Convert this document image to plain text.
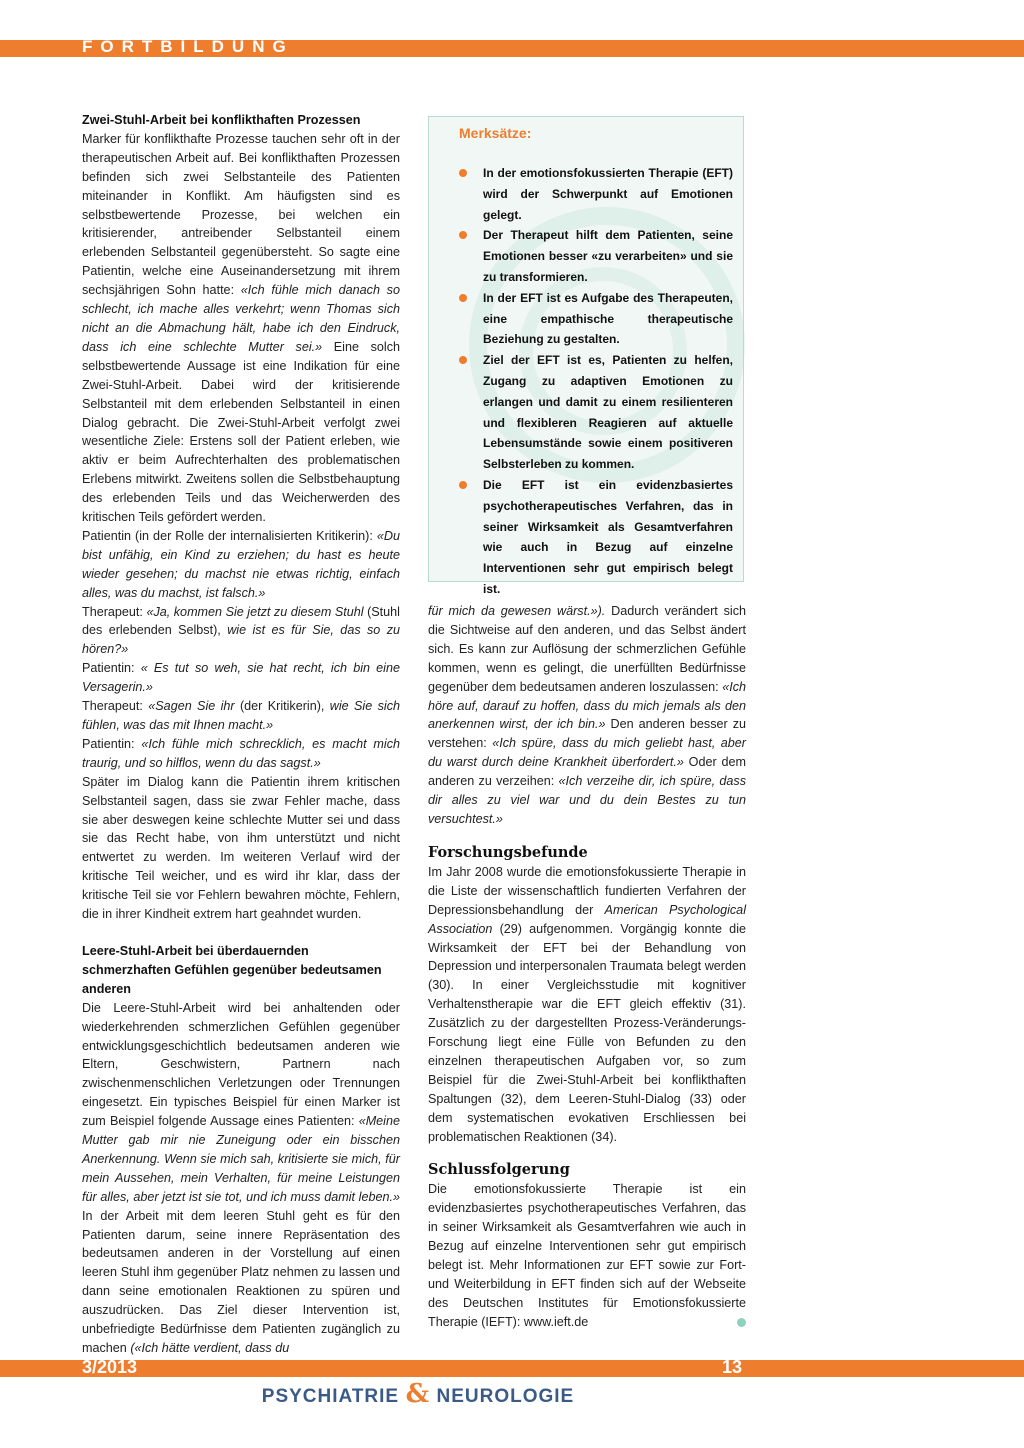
FORTBILDUNG

Zwei-Stuhl-Arbeit bei konflikthaften Prozessen

Marker für konflikthafte Prozesse tauchen sehr oft in der therapeutischen Arbeit auf. Bei konflikthaften Prozessen befinden sich zwei Selbstanteile des Patienten miteinander in Konflikt. Am häufigsten sind es selbstbewertende Prozesse, bei welchen ein kritisierender, antreibender Selbstanteil einem erlebenden Selbstanteil gegenübersteht. So sagte eine Patientin, welche eine Auseinandersetzung mit ihrem sechsjährigen Sohn hatte: «Ich fühle mich danach so schlecht, ich mache alles verkehrt; wenn Thomas sich nicht an die Abmachung hält, habe ich den Eindruck, dass ich eine schlechte Mutter sei.» Eine solch selbstbewertende Aussage ist eine Indikation für eine Zwei-Stuhl-Arbeit. Dabei wird der kritisierende Selbstanteil mit dem erlebenden Selbstanteil in einen Dialog gebracht. Die Zwei-Stuhl-Arbeit verfolgt zwei wesentliche Ziele: Erstens soll der Patient erleben, wie aktiv er beim Aufrechterhalten des problematischen Erlebens mitwirkt. Zweitens sollen die Selbstbehauptung des erlebenden Teils und das Weicherwerden des kritischen Teils gefördert werden.

Patientin (in der Rolle der internalisierten Kritikerin): «Du bist unfähig, ein Kind zu erziehen; du hast es heute wieder gesehen; du machst nie etwas richtig, einfach alles, was du machst, ist falsch.»

Therapeut: «Ja, kommen Sie jetzt zu diesem Stuhl (Stuhl des erlebenden Selbst), wie ist es für Sie, das so zu hören?»

Patientin: « Es tut so weh, sie hat recht, ich bin eine Versagerin.»

Therapeut: «Sagen Sie ihr (der Kritikerin), wie Sie sich fühlen, was das mit Ihnen macht.»

Patientin: «Ich fühle mich schrecklich, es macht mich traurig, und so hilflos, wenn du das sagst.»

Später im Dialog kann die Patientin ihrem kritischen Selbstanteil sagen, dass sie zwar Fehler mache, dass sie aber deswegen keine schlechte Mutter sei und dass sie das Recht habe, von ihm unterstützt und nicht entwertet zu werden. Im weiteren Verlauf wird der kritische Teil weicher, und es wird ihr klar, dass der kritische Teil sie vor Fehlern bewahren möchte, Fehlern, die in ihrer Kindheit extrem hart geahndet wurden.

Leere-Stuhl-Arbeit bei überdauernden schmerzhaften Gefühlen gegenüber bedeutsamen anderen

Die Leere-Stuhl-Arbeit wird bei anhaltenden oder wiederkehrenden schmerzlichen Gefühlen gegenüber entwicklungsgeschichtlich bedeutsamen anderen wie Eltern, Geschwistern, Partnern nach zwischenmenschlichen Verletzungen oder Trennungen eingesetzt. Ein typisches Beispiel für einen Marker ist zum Beispiel folgende Aussage eines Patienten: «Meine Mutter gab mir nie Zuneigung oder ein bisschen Anerkennung. Wenn sie mich sah, kritisierte sie mich, für mein Aussehen, mein Verhalten, für meine Leistungen für alles, aber jetzt ist sie tot, und ich muss damit leben.» In der Arbeit mit dem leeren Stuhl geht es für den Patienten darum, seine innere Repräsentation des bedeutsamen anderen in der Vorstellung auf einen leeren Stuhl ihm gegenüber Platz nehmen zu lassen und dann seine emotionalen Reaktionen zu spüren und auszudrücken. Das Ziel dieser Intervention ist, unbefriedigte Bedürfnisse dem Patienten zugänglich zu machen («Ich hätte verdient, dass du

Merksätze:
In der emotionsfokussierten Therapie (EFT) wird der Schwerpunkt auf Emotionen gelegt.
Der Therapeut hilft dem Patienten, seine Emotionen besser «zu verarbeiten» und sie zu transformieren.
In der EFT ist es Aufgabe des Therapeuten, eine empathische therapeutische Beziehung zu gestalten.
Ziel der EFT ist es, Patienten zu helfen, Zugang zu adaptiven Emotionen zu erlangen und damit zu einem resilienteren und flexibleren Reagieren auf aktuelle Lebensumstände sowie einem positiveren Selbsterleben zu kommen.
Die EFT ist ein evidenzbasiertes psychotherapeutisches Verfahren, das in seiner Wirksamkeit als Gesamtverfahren wie auch in Bezug auf einzelne Interventionen sehr gut empirisch belegt ist.

für mich da gewesen wärst.»). Dadurch verändert sich die Sichtweise auf den anderen, und das Selbst ändert sich. Es kann zur Auflösung der schmerzlichen Gefühle kommen, wenn es gelingt, die unerfüllten Bedürfnisse gegenüber dem bedeutsamen anderen loszulassen: «Ich höre auf, darauf zu hoffen, dass du mich jemals als den anerkennen wirst, der ich bin.» Den anderen besser zu verstehen: «Ich spüre, dass du mich geliebt hast, aber du warst durch deine Krankheit überfordert.» Oder dem anderen zu verzeihen: «Ich verzeihe dir, ich spüre, dass dir alles zu viel war und du dein Bestes zu tun versuchtest.»

Forschungsbefunde

Im Jahr 2008 wurde die emotionsfokussierte Therapie in die Liste der wissenschaftlich fundierten Verfahren der Depressionsbehandlung der American Psychological Association (29) aufgenommen. Vorgängig konnte die Wirksamkeit der EFT bei der Behandlung von Depression und interpersonalen Traumata belegt werden (30). In einer Vergleichsstudie mit kognitiver Verhaltenstherapie war die EFT gleich effektiv (31). Zusätzlich zu der dargestellten Prozess-Veränderungs-Forschung liegt eine Fülle von Befunden zu den einzelnen therapeutischen Aufgaben vor, so zum Beispiel für die Zwei-Stuhl-Arbeit bei konflikthaften Spaltungen (32), dem Leeren-Stuhl-Dialog (33) oder dem systematischen evokativen Erschliessen bei problematischen Reaktionen (34).

Schlussfolgerung

Die emotionsfokussierte Therapie ist ein evidenzbasiertes psychotherapeutisches Verfahren, das in seiner Wirksamkeit als Gesamtverfahren wie auch in Bezug auf einzelne Interventionen sehr gut empirisch belegt ist. Mehr Informationen zur EFT sowie zur Fort- und Weiterbildung in EFT finden sich auf der Webseite des Deutschen Institutes für Emotionsfokussierte Therapie (IEFT): www.ieft.de

3/2013	13
PSYCHIATRIE & NEUROLOGIE
